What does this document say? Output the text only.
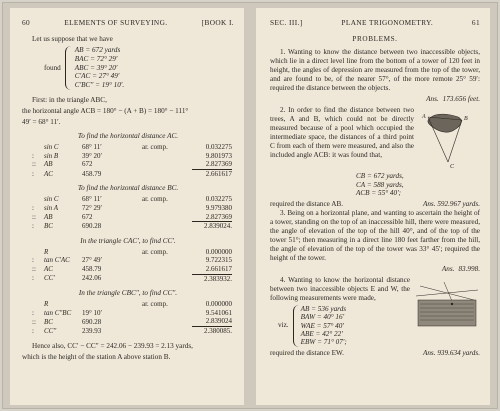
60	ELEMENTS OF SURVEYING.	[BOOK I.

Let us suppose that we have

found
AB = 672 yards
BAC = 72° 29′
ABC = 39° 20′
C′AC = 27° 49′
C′BC″ = 19° 10′.

First: in the triangle ABC,

the horizontal angle ACB = 180° − (A + B) = 180° − 111°

49′ = 68° 11′.

To find the horizontal distance AC.
	sin C	68° 11′	ar. comp.	0.032275
:	sin B	39° 20′		9.801973
::	AB	672		2.827369
:	AC	458.79		2.661617
To find the horizontal distance BC.
	sin C	68° 11′	ar. comp.	0.032275
:	sin A	72° 29′		9.979380
::	AB	672		2.827369
:	BC	690.28		2.839024.
In the triangle CAC′, to find CC′.
	R		ar. comp.	0.000000
:	tan C′AC	27° 49′		9.722315
::	AC	458.79		2.661617
:	CC′	242.06		2.383932.
In the triangle CBC″, to find CC″.
	R		ar. comp.	0.000000
:	tan C″BC	19° 10′		9.541061
::	BC	690.28		2.839024
:	CC″	239.93		2.380085.

Hence also, CC′ − CC″ = 242.06 − 239.93 = 2.13 yards,

which is the height of the station A above station B.

SEC. III.]	PLANE TRIGONOMETRY.	61
PROBLEMS.

1. Wanting to know the distance between two inaccessible objects, which lie in a direct level line from the bottom of a tower of 120 feet in height, the angles of depression are measured from the top of the tower, and are found to be, of the nearer 57°, of the more remote 25° 59′: required the distance between the objects.

Ans. 173.656 feet.
A	B
C

2. In order to find the distance between two trees, A and B, which could not be directly measured because of a pool which occupied the intermediate space, the distances of a third point C from each of them were measured, and also the included angle ACB: it was found that,

CB = 672 yards,
CA = 588 yards,
ACB = 55° 40′;
required the distance AB.	Ans. 592.967 yards.

3. Being on a horizontal plane, and wanting to ascertain the height of a tower, standing on the top of an inaccessible hill, there were measured, the angle of elevation of the top of the hill 40°, and of the top of the tower 51°; then measuring in a direct line 180 feet farther from the hill, the angle of elevation of the top of the tower was 33° 45′; required the height of the tower.

Ans. 83.998.

4. Wanting to know the horizontal distance between two inaccessible objects E and W, the following measurements were made,

viz.
AB = 536 yards
BAW = 40° 16′
WAE = 57° 40′
ABE = 42° 22′
EBW = 71° 07′;
required the distance EW.	Ans. 939.634 yards.
